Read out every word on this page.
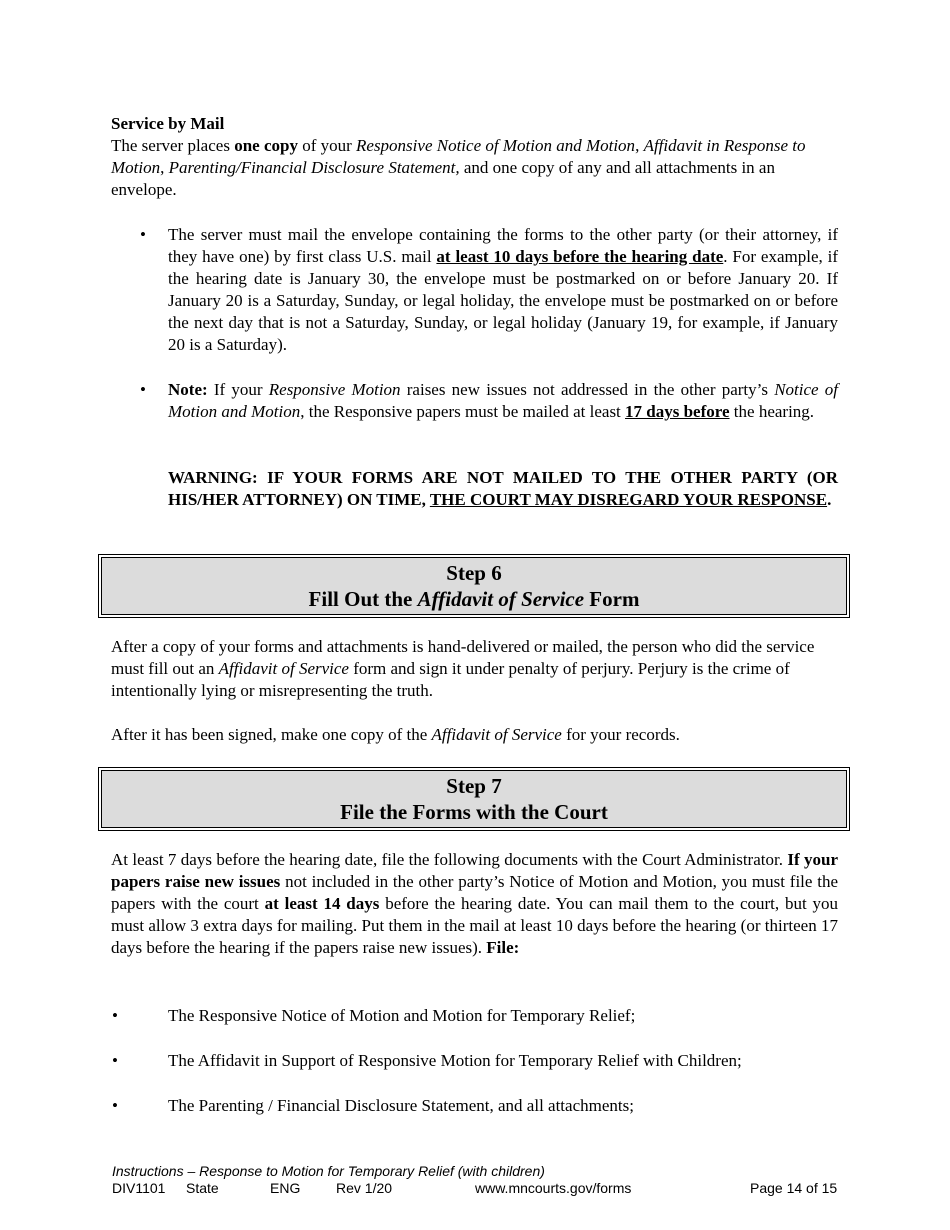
Service by Mail
The server places one copy of your Responsive Notice of Motion and Motion, Affidavit in Response to Motion, Parenting/Financial Disclosure Statement, and one copy of any and all attachments in an envelope.
• The server must mail the envelope containing the forms to the other party (or their attorney, if they have one) by first class U.S. mail at least 10 days before the hearing date. For example, if the hearing date is January 30, the envelope must be postmarked on or before January 20. If January 20 is a Saturday, Sunday, or legal holiday, the envelope must be postmarked on or before the next day that is not a Saturday, Sunday, or legal holiday (January 19, for example, if January 20 is a Saturday).
• Note: If your Responsive Motion raises new issues not addressed in the other party’s Notice of Motion and Motion, the Responsive papers must be mailed at least 17 days before the hearing.
WARNING: IF YOUR FORMS ARE NOT MAILED TO THE OTHER PARTY (OR HIS/HER ATTORNEY) ON TIME, THE COURT MAY DISREGARD YOUR RESPONSE.
Step 6
Fill Out the Affidavit of Service Form
After a copy of your forms and attachments is hand-delivered or mailed, the person who did the service must fill out an Affidavit of Service form and sign it under penalty of perjury. Perjury is the crime of intentionally lying or misrepresenting the truth.
After it has been signed, make one copy of the Affidavit of Service for your records.
Step 7
File the Forms with the Court
At least 7 days before the hearing date, file the following documents with the Court Administrator. If your papers raise new issues not included in the other party’s Notice of Motion and Motion, you must file the papers with the court at least 14 days before the hearing date. You can mail them to the court, but you must allow 3 extra days for mailing. Put them in the mail at least 10 days before the hearing (or thirteen 17 days before the hearing if the papers raise new issues). File:
•	The Responsive Notice of Motion and Motion for Temporary Relief;
•	The Affidavit in Support of Responsive Motion for Temporary Relief with Children;
•	The Parenting / Financial Disclosure Statement, and all attachments;
Instructions – Response to Motion for Temporary Relief (with children)
DIV1101 State	ENG	Rev 1/20	www.mncourts.gov/forms	Page 14 of 15
